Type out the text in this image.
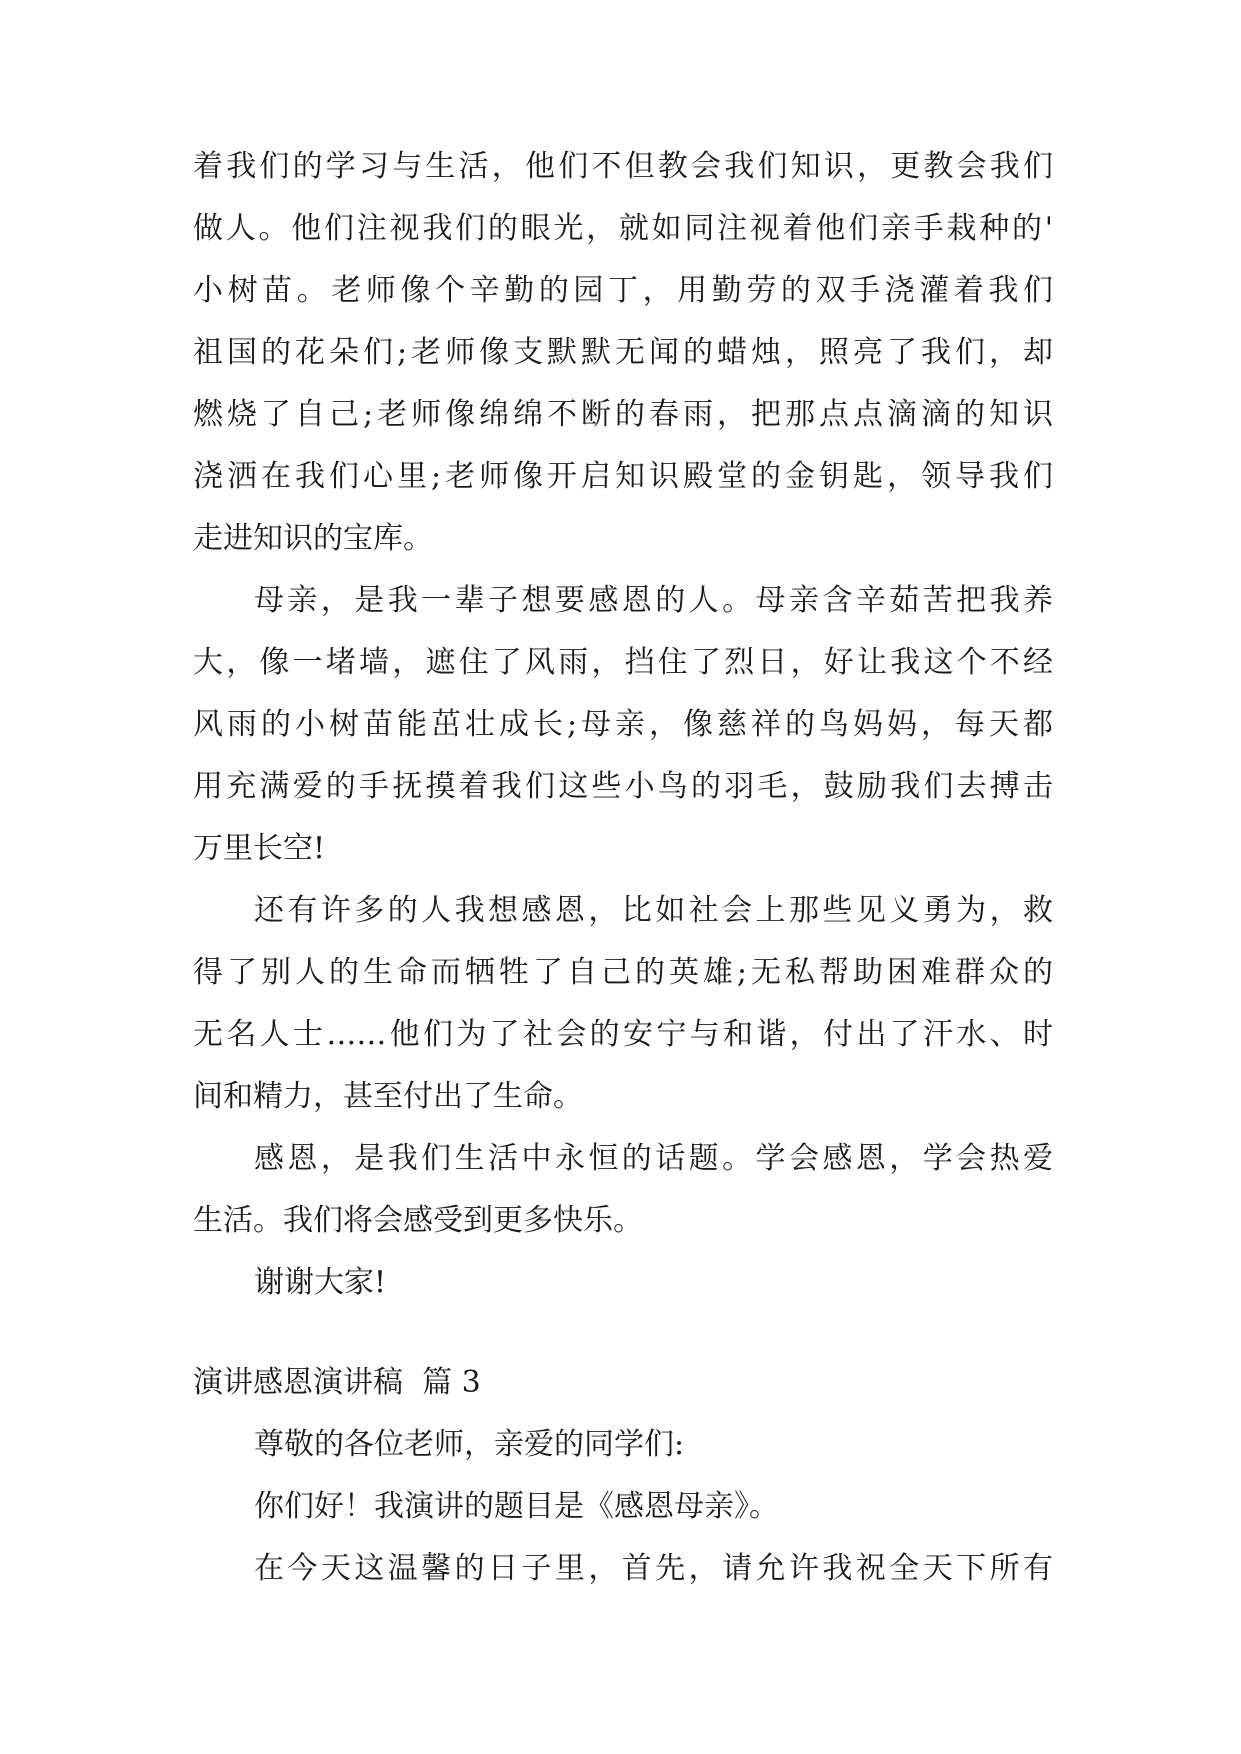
着我们的学习与生活，他们不但教会我们知识，更教会我们
做人。他们注视我们的眼光，就如同注视着他们亲手栽种的'
小树苗。老师像个辛勤的园丁，用勤劳的双手浇灌着我们
祖国的花朵们;老师像支默默无闻的蜡烛，照亮了我们，却
燃烧了自己;老师像绵绵不断的春雨，把那点点滴滴的知识
浇洒在我们心里;老师像开启知识殿堂的金钥匙，领导我们
走进知识的宝库。
母亲，是我一辈子想要感恩的人。母亲含辛茹苦把我养
大，像一堵墙，遮住了风雨，挡住了烈日，好让我这个不经
风雨的小树苗能茁壮成长;母亲，像慈祥的鸟妈妈，每天都
用充满爱的手抚摸着我们这些小鸟的羽毛，鼓励我们去搏击
万里长空!
还有许多的人我想感恩，比如社会上那些见义勇为，救
得了别人的生命而牺牲了自己的英雄;无私帮助困难群众的
无名人士……他们为了社会的安宁与和谐，付出了汗水、时
间和精力，甚至付出了生命。
感恩，是我们生活中永恒的话题。学会感恩，学会热爱
生活。我们将会感受到更多快乐。
谢谢大家!
演讲感恩演讲稿  篇 3
尊敬的各位老师，亲爱的同学们:
你们好！我演讲的题目是《感恩母亲》。
在今天这温馨的日子里，首先，请允许我祝全天下所有
